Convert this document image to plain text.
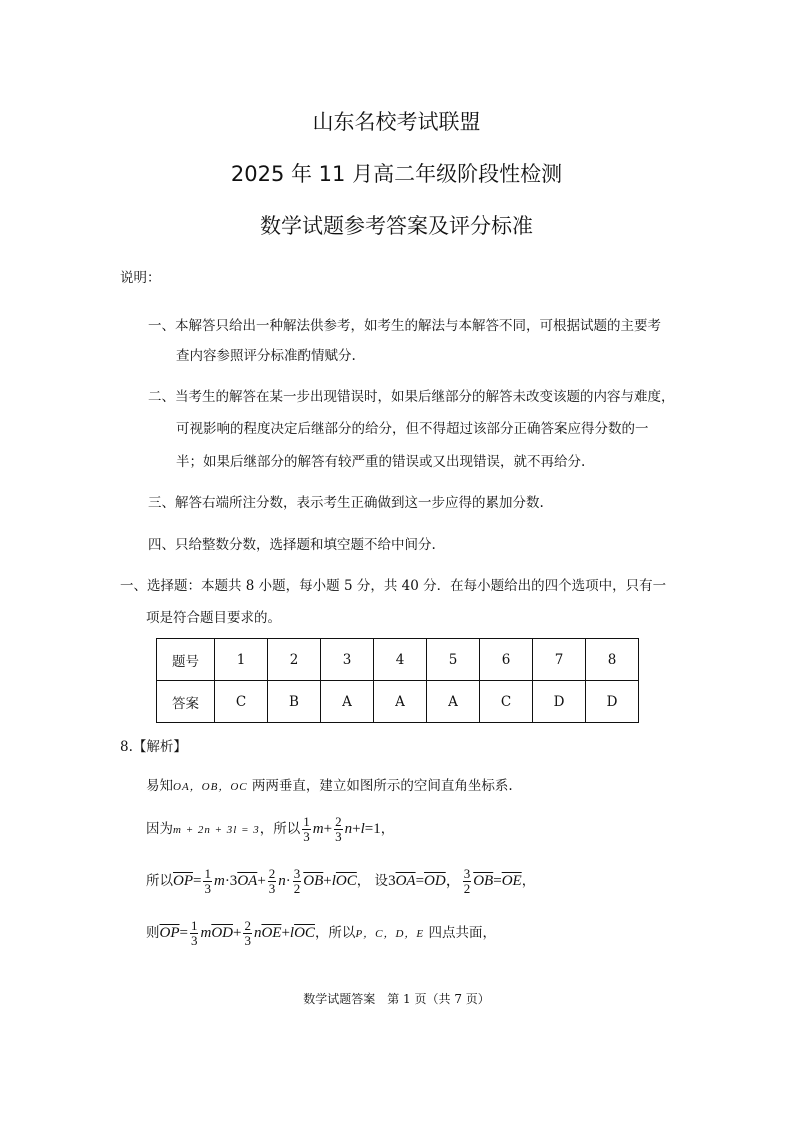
山东名校考试联盟
2025 年 11 月高二年级阶段性检测
数学试题参考答案及评分标准
说明：
一、本解答只给出一种解法供参考，如考生的解法与本解答不同，可根据试题的主要考
查内容参照评分标准酌情赋分.
二、当考生的解答在某一步出现错误时，如果后继部分的解答未改变该题的内容与难度，
可视影响的程度决定后继部分的给分，但不得超过该部分正确答案应得分数的一
半；如果后继部分的解答有较严重的错误或又出现错误，就不再给分.
三、解答右端所注分数，表示考生正确做到这一步应得的累加分数.
四、只给整数分数，选择题和填空题不给中间分.
一、选择题：本题共 8 小题，每小题 5 分，共 40 分．在每小题给出的四个选项中，只有一
项是符合题目要求的。
题号	1	2	3	4	5	6	7	8
答案	C	B	A	A	A	C	D	D
8.【解析】
易知OA，OB，OC 两两垂直，建立如图所示的空间直角坐标系.
因为m + 2n + 3l = 3，所以 $\frac{1}{3} m+ \frac{2}{3} n+l=1$，
所以$\overline{OP}= \frac{1}{3} m\cdot 3\overline{OA}+ \frac{2}{3} n\cdot \frac{3}{2} \overline{OB}+l\overline{OC}$， 设$3\overline{OA}=\overline{OD}$， $\frac{3}{2} \overline{OB}=\overline{OE}$，
则$\overline{OP}= \frac{1}{3} m\overline{OD}+ \frac{2}{3} n\overline{OE}+l\overline{OC}$，所以P，C，D，E 四点共面，
数学试题答案　第 1 页（共 7 页）
